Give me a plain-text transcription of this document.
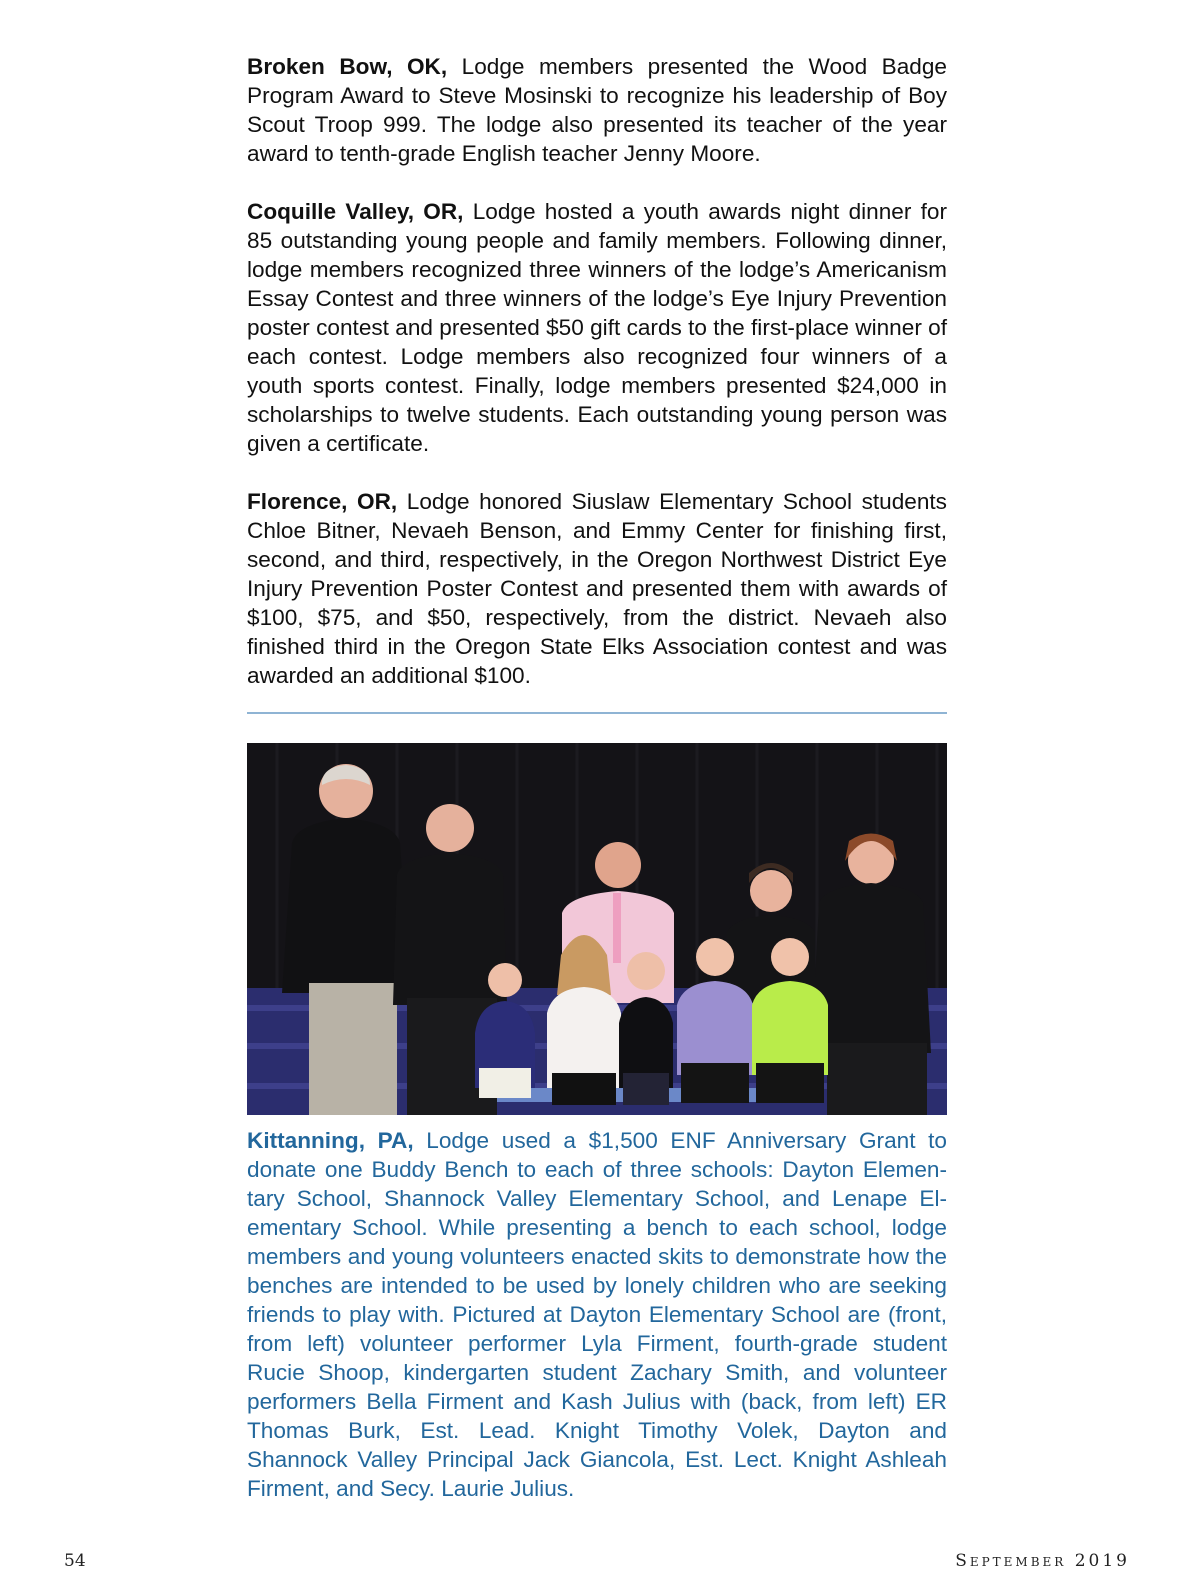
Broken Bow, OK, Lodge members presented the Wood Badge Program Award to Steve Mosinski to recognize his leadership of Boy Scout Troop 999. The lodge also presented its teacher of the year award to tenth-grade English teacher Jenny Moore.

Coquille Valley, OR, Lodge hosted a youth awards night dinner for 85 outstanding young people and family members. Following dinner, lodge members recognized three winners of the lodge’s Americanism Essay Contest and three winners of the lodge’s Eye Injury Prevention poster contest and presented $50 gift cards to the first-place winner of each contest. Lodge members also recognized four winners of a youth sports contest. Finally, lodge members presented $24,000 in scholarships to twelve students. Each outstanding young person was given a certificate.

Florence, OR, Lodge honored Siuslaw Elementary School students Chloe Bitner, Nevaeh Benson, and Emmy Center for finishing first, second, and third, respectively, in the Oregon Northwest District Eye Injury Prevention Poster Contest and presented them with awards of $100, $75, and $50, respectively, from the district. Nevaeh also finished third in the Oregon State Elks Association contest and was awarded an additional $100.

Kittanning, PA, Lodge used a $1,500 ENF Anniversary Grant to donate one Buddy Bench to each of three schools: Dayton Elementary School, Shannock Valley Elementary School, and Lenape Elementary School. While presenting a bench to each school, lodge members and young volunteers enacted skits to demonstrate how the benches are intended to be used by lonely children who are seeking friends to play with. Pictured at Dayton Elementary School are (front, from left) volunteer performer Lyla Firment, fourth-grade student Rucie Shoop, kindergarten student Zachary Smith, and volunteer performers Bella Firment and Kash Julius with (back, from left) ER Thomas Burk, Est. Lead. Knight Timothy Volek, Dayton and Shannock Valley Principal Jack Giancola, Est. Lect. Knight Ashleah Firment, and Secy. Laurie Julius.

54	September 2019
